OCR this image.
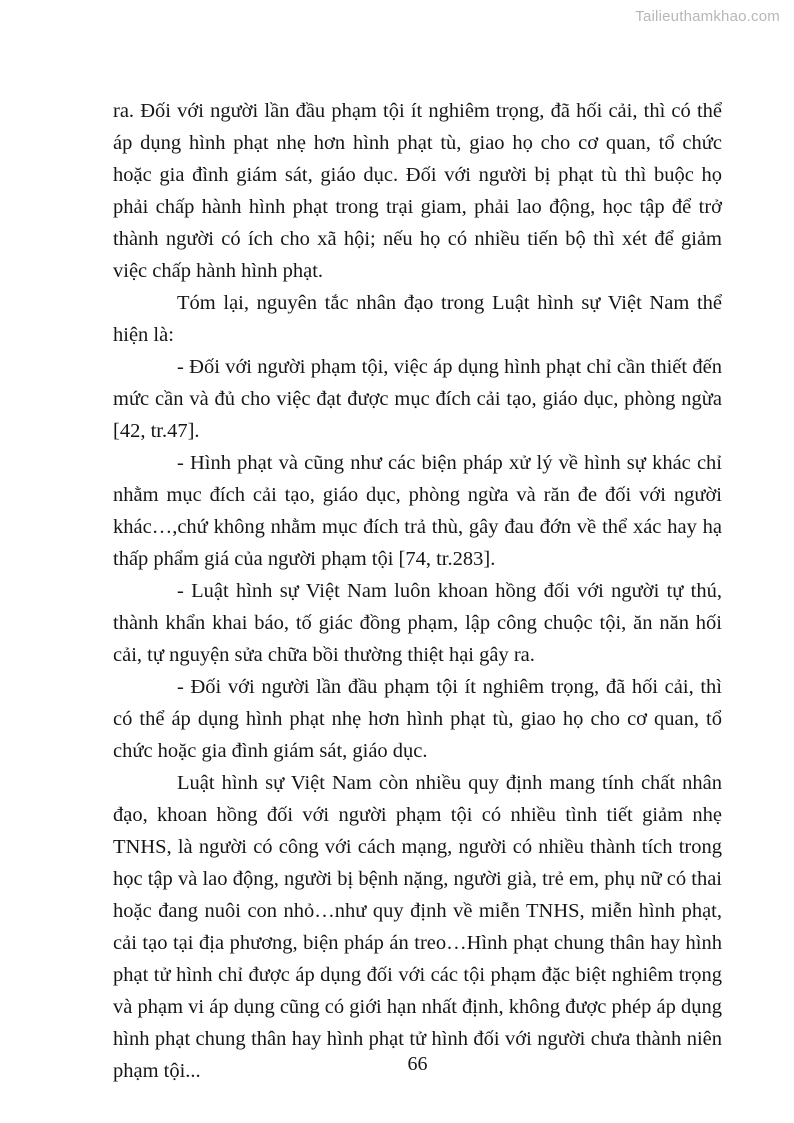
Tailieuthamkhao.com

ra. Đối với người lần đầu phạm tội ít nghiêm trọng, đã hối cải, thì có thể áp dụng hình phạt nhẹ hơn hình phạt tù, giao họ cho cơ quan, tổ chức hoặc gia đình giám sát, giáo dục. Đối với người bị phạt tù thì buộc họ phải chấp hành hình phạt trong trại giam, phải lao động, học tập để trở thành người có ích cho xã hội; nếu họ có nhiều tiến bộ thì xét để giảm việc chấp hành hình phạt.

Tóm lại, nguyên tắc nhân đạo trong Luật hình sự Việt Nam thể hiện là:

- Đối với người phạm tội, việc áp dụng hình phạt chỉ cần thiết đến mức cần và đủ cho việc đạt được mục đích cải tạo, giáo dục, phòng ngừa [42, tr.47].

- Hình phạt và cũng như các biện pháp xử lý về hình sự khác chỉ nhằm mục đích cải tạo, giáo dục, phòng ngừa và răn đe đối với người khác…,chứ không nhằm mục đích trả thù, gây đau đớn về thể xác hay hạ thấp phẩm giá của người phạm tội [74, tr.283].

- Luật hình sự Việt Nam luôn khoan hồng đối với người tự thú, thành khẩn khai báo, tố giác đồng phạm, lập công chuộc tội, ăn năn hối cải, tự nguyện sửa chữa bồi thường thiệt hại gây ra.

- Đối với người lần đầu phạm tội ít nghiêm trọng, đã hối cải, thì có thể áp dụng hình phạt nhẹ hơn hình phạt tù, giao họ cho cơ quan, tổ chức hoặc gia đình giám sát, giáo dục.

Luật hình sự Việt Nam còn nhiều quy định mang tính chất nhân đạo, khoan hồng đối với người phạm tội có nhiều tình tiết giảm nhẹ TNHS, là người có công với cách mạng, người có nhiều thành tích trong học tập và lao động, người bị bệnh nặng, người già, trẻ em, phụ nữ có thai hoặc đang nuôi con nhỏ…như quy định về miễn TNHS, miễn hình phạt, cải tạo tại địa phương, biện pháp án treo…Hình phạt chung thân hay hình phạt tử hình chỉ được áp dụng đối với các tội phạm đặc biệt nghiêm trọng và phạm vi áp dụng cũng có giới hạn nhất định, không được phép áp dụng hình phạt chung thân hay hình phạt tử hình đối với người chưa thành niên phạm tội...	66
